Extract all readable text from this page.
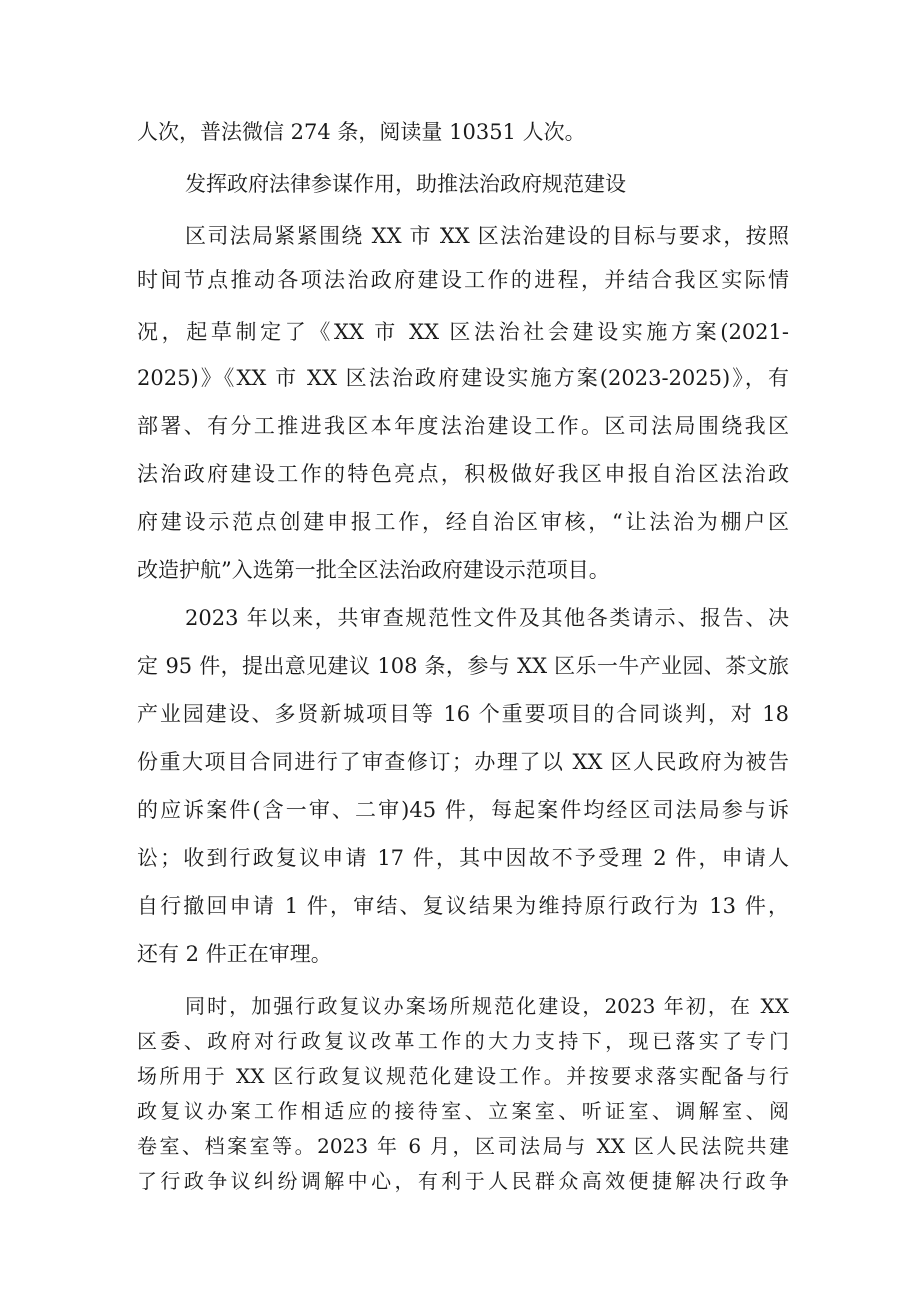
人次，普法微信 274 条，阅读量 10351 人次。
发挥政府法律参谋作用，助推法治政府规范建设
区司法局紧紧围绕 XX 市 XX 区法治建设的目标与要求，按照
时间节点推动各项法治政府建设工作的进程，并结合我区实际情
况，起草制定了《XX 市 XX 区法治社会建设实施方案(2021-
2025)》《XX 市 XX 区法治政府建设实施方案(2023-2025)》，有
部署、有分工推进我区本年度法治建设工作。区司法局围绕我区
法治政府建设工作的特色亮点，积极做好我区申报自治区法治政
府建设示范点创建申报工作，经自治区审核，“让法治为棚户区
改造护航”入选第一批全区法治政府建设示范项目。
2023 年以来，共审查规范性文件及其他各类请示、报告、决
定 95 件，提出意见建议 108 条，参与 XX 区乐一牛产业园、茶文旅
产业园建设、多贤新城项目等 16 个重要项目的合同谈判，对 18
份重大项目合同进行了审查修订；办理了以 XX 区人民政府为被告
的应诉案件(含一审、二审)45 件，每起案件均经区司法局参与诉
讼；收到行政复议申请 17 件，其中因故不予受理 2 件，申请人
自行撤回申请 1 件，审结、复议结果为维持原行政行为 13 件，
还有 2 件正在审理。
同时，加强行政复议办案场所规范化建设，2023 年初，在 XX
区委、政府对行政复议改革工作的大力支持下，现已落实了专门
场所用于 XX 区行政复议规范化建设工作。并按要求落实配备与行
政复议办案工作相适应的接待室、立案室、听证室、调解室、阅
卷室、档案室等。2023 年 6 月，区司法局与 XX 区人民法院共建
了行政争议纠纷调解中心，有利于人民群众高效便捷解决行政争
